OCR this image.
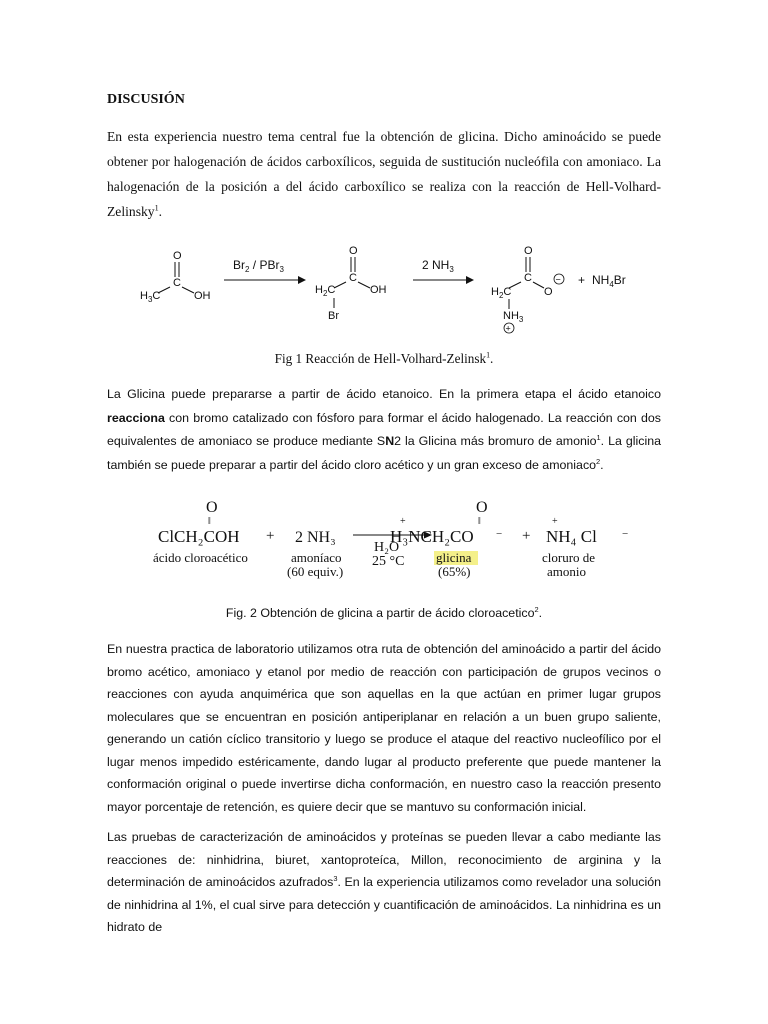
DISCUSIÓN

En esta experiencia nuestro tema central fue la obtención de glicina. Dicho aminoácido se puede obtener por halogenación de ácidos carboxílicos, seguida de sustitución nucleófila con amoniaco. La halogenación de la posición a del ácido carboxílico se realiza con la reacción de Hell-Volhard-Zelinsky$^1$.

O
C
$H_3C$	OH
$Br_2 / PBr_3$
O
C
$H_2C$	OH
Br
2 $NH_3$
O
C
$H_2C$	O
−
$NH_3$
+
+ $NH_4Br$
Fig 1 Reacción de Hell-Volhard-Zelinsk$^1$.

La Glicina puede prepararse a partir de ácido etanoico. En la primera etapa el ácido etanoico reacciona con bromo catalizado con fósforo para formar el ácido halogenado. La reacción con dos equivalentes de amoniaco se produce mediante SN2 la Glicina más bromuro de amonio$^1$. La glicina también se puede preparar a partir del ácido cloro acético y un gran exceso de amoniaco$^2$.

O
‖
ClCH₂COH + 2 NH₃
H₂O
25 °C
O
‖
+
H₃NCH₂CO − +
+
NH₄ Cl −
ácido cloroacético	amoníaco
(60 equiv.)
glicina
(65%)
cloruro de
amonio
Fig. 2 Obtención de glicina a partir de ácido cloroacetico$^2$.

En nuestra practica de laboratorio utilizamos otra ruta de obtención del aminoácido a partir del ácido bromo acético, amoniaco y etanol por medio de reacción con participación de grupos vecinos o reacciones con ayuda anquimérica que son aquellas en la que actúan en primer lugar grupos moleculares que se encuentran en posición antiperiplanar en relación a un buen grupo saliente, generando un catión cíclico transitorio y luego se produce el ataque del reactivo nucleofílico por el lugar menos impedido estéricamente, dando lugar al producto preferente que puede mantener la conformación original o puede invertirse dicha conformación, en nuestro caso la reacción presento mayor porcentaje de retención, es quiere decir que se mantuvo su conformación inicial.

Las pruebas de caracterización de aminoácidos y proteínas se pueden llevar a cabo mediante las reacciones de: ninhidrina, biuret, xantoproteíca, Millon, reconocimiento de arginina y la determinación de aminoácidos azufrados$^3$. En la experiencia utilizamos como revelador una solución de ninhidrina al 1%, el cual sirve para detección y cuantificación de aminoácidos. La ninhidrina es un hidrato de
